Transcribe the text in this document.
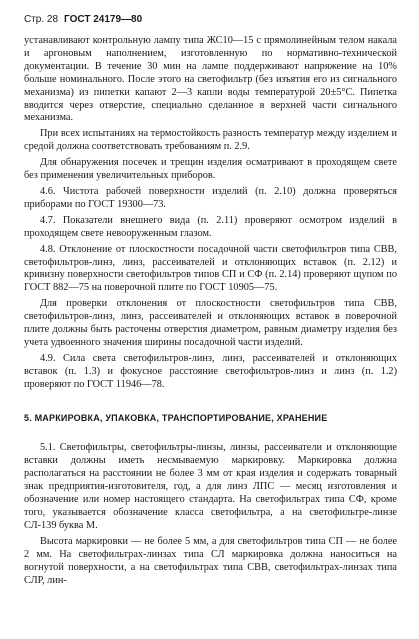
Стр. 28 ГОСТ 24179—80

устанавливают контрольную лампу типа ЖС10—15 с прямолинейным телом накала и аргоновым наполнением, изготовленную по нормативно-технической документации. В течение 30 мин на лампе поддерживают напряжение на 10% больше номинального. После этого на светофильтр (без изъятия его из сигнального механизма) из пипетки капают 2—3 капли воды температурой 20±5°С. Пипетка вводится через отверстие, специально сделанное в верхней части сигнального механизма.

При всех испытаниях на термостойкость разность температур между изделием и средой должна соответствовать требованиям п. 2.9.

Для обнаружения посечек и трещин изделия осматривают в проходящем свете без применения увеличительных приборов.

4.6. Чистота рабочей поверхности изделий (п. 2.10) должна проверяться приборами по ГОСТ 19300—73.

4.7. Показатели внешнего вида (п. 2.11) проверяют осмотром изделий в проходящем свете невооруженным глазом.

4.8. Отклонение от плоскостности посадочной части светофильтров типа СВВ, светофильтров-линз, линз, рассеивателей и отклоняющих вставок (п. 2.12) и кривизну поверхности светофильтров типов СП и СФ (п. 2.14) проверяют щупом по ГОСТ 882—75 на поверочной плите по ГОСТ 10905—75.

Для проверки отклонения от плоскостности светофильтров типа СВВ, светофильтров-линз, линз, рассеивателей и отклоняющих вставок в поверочной плите должны быть расточены отверстия диаметром, равным диаметру изделия без учета удвоенного значения ширины посадочной части изделий.

4.9. Сила света светофильтров-линз, линз, рассеивателей и отклоняющих вставок (п. 1.3) и фокусное расстояние светофильтров-линз и линз (п. 1.2) проверяют по ГОСТ 11946—78.

5. МАРКИРОВКА, УПАКОВКА, ТРАНСПОРТИРОВАНИЕ, ХРАНЕНИЕ

5.1. Светофильтры, светофильтры-линзы, линзы, рассеиватели и отклоняющие вставки должны иметь несмываемую маркировку. Маркировка должна располагаться на расстоянии не более 3 мм от края изделия и содержать товарный знак предприятия-изготовителя, год, а для линз ЛПС — месяц изготовления и обозначение или номер настоящего стандарта. На светофильтрах типа СФ, кроме того, указывается обозначение класса светофильтра, а на светофильтре-линзе СЛ-139 буква М.

Высота маркировки — не более 5 мм, а для светофильтров типа СП — не более 2 мм. На светофильтрах-линзах типа СЛ маркировка должна наноситься на вогнутой поверхности, а на светофильтрах типа СВВ, светофильтрах-линзах типа СЛР, лин-
